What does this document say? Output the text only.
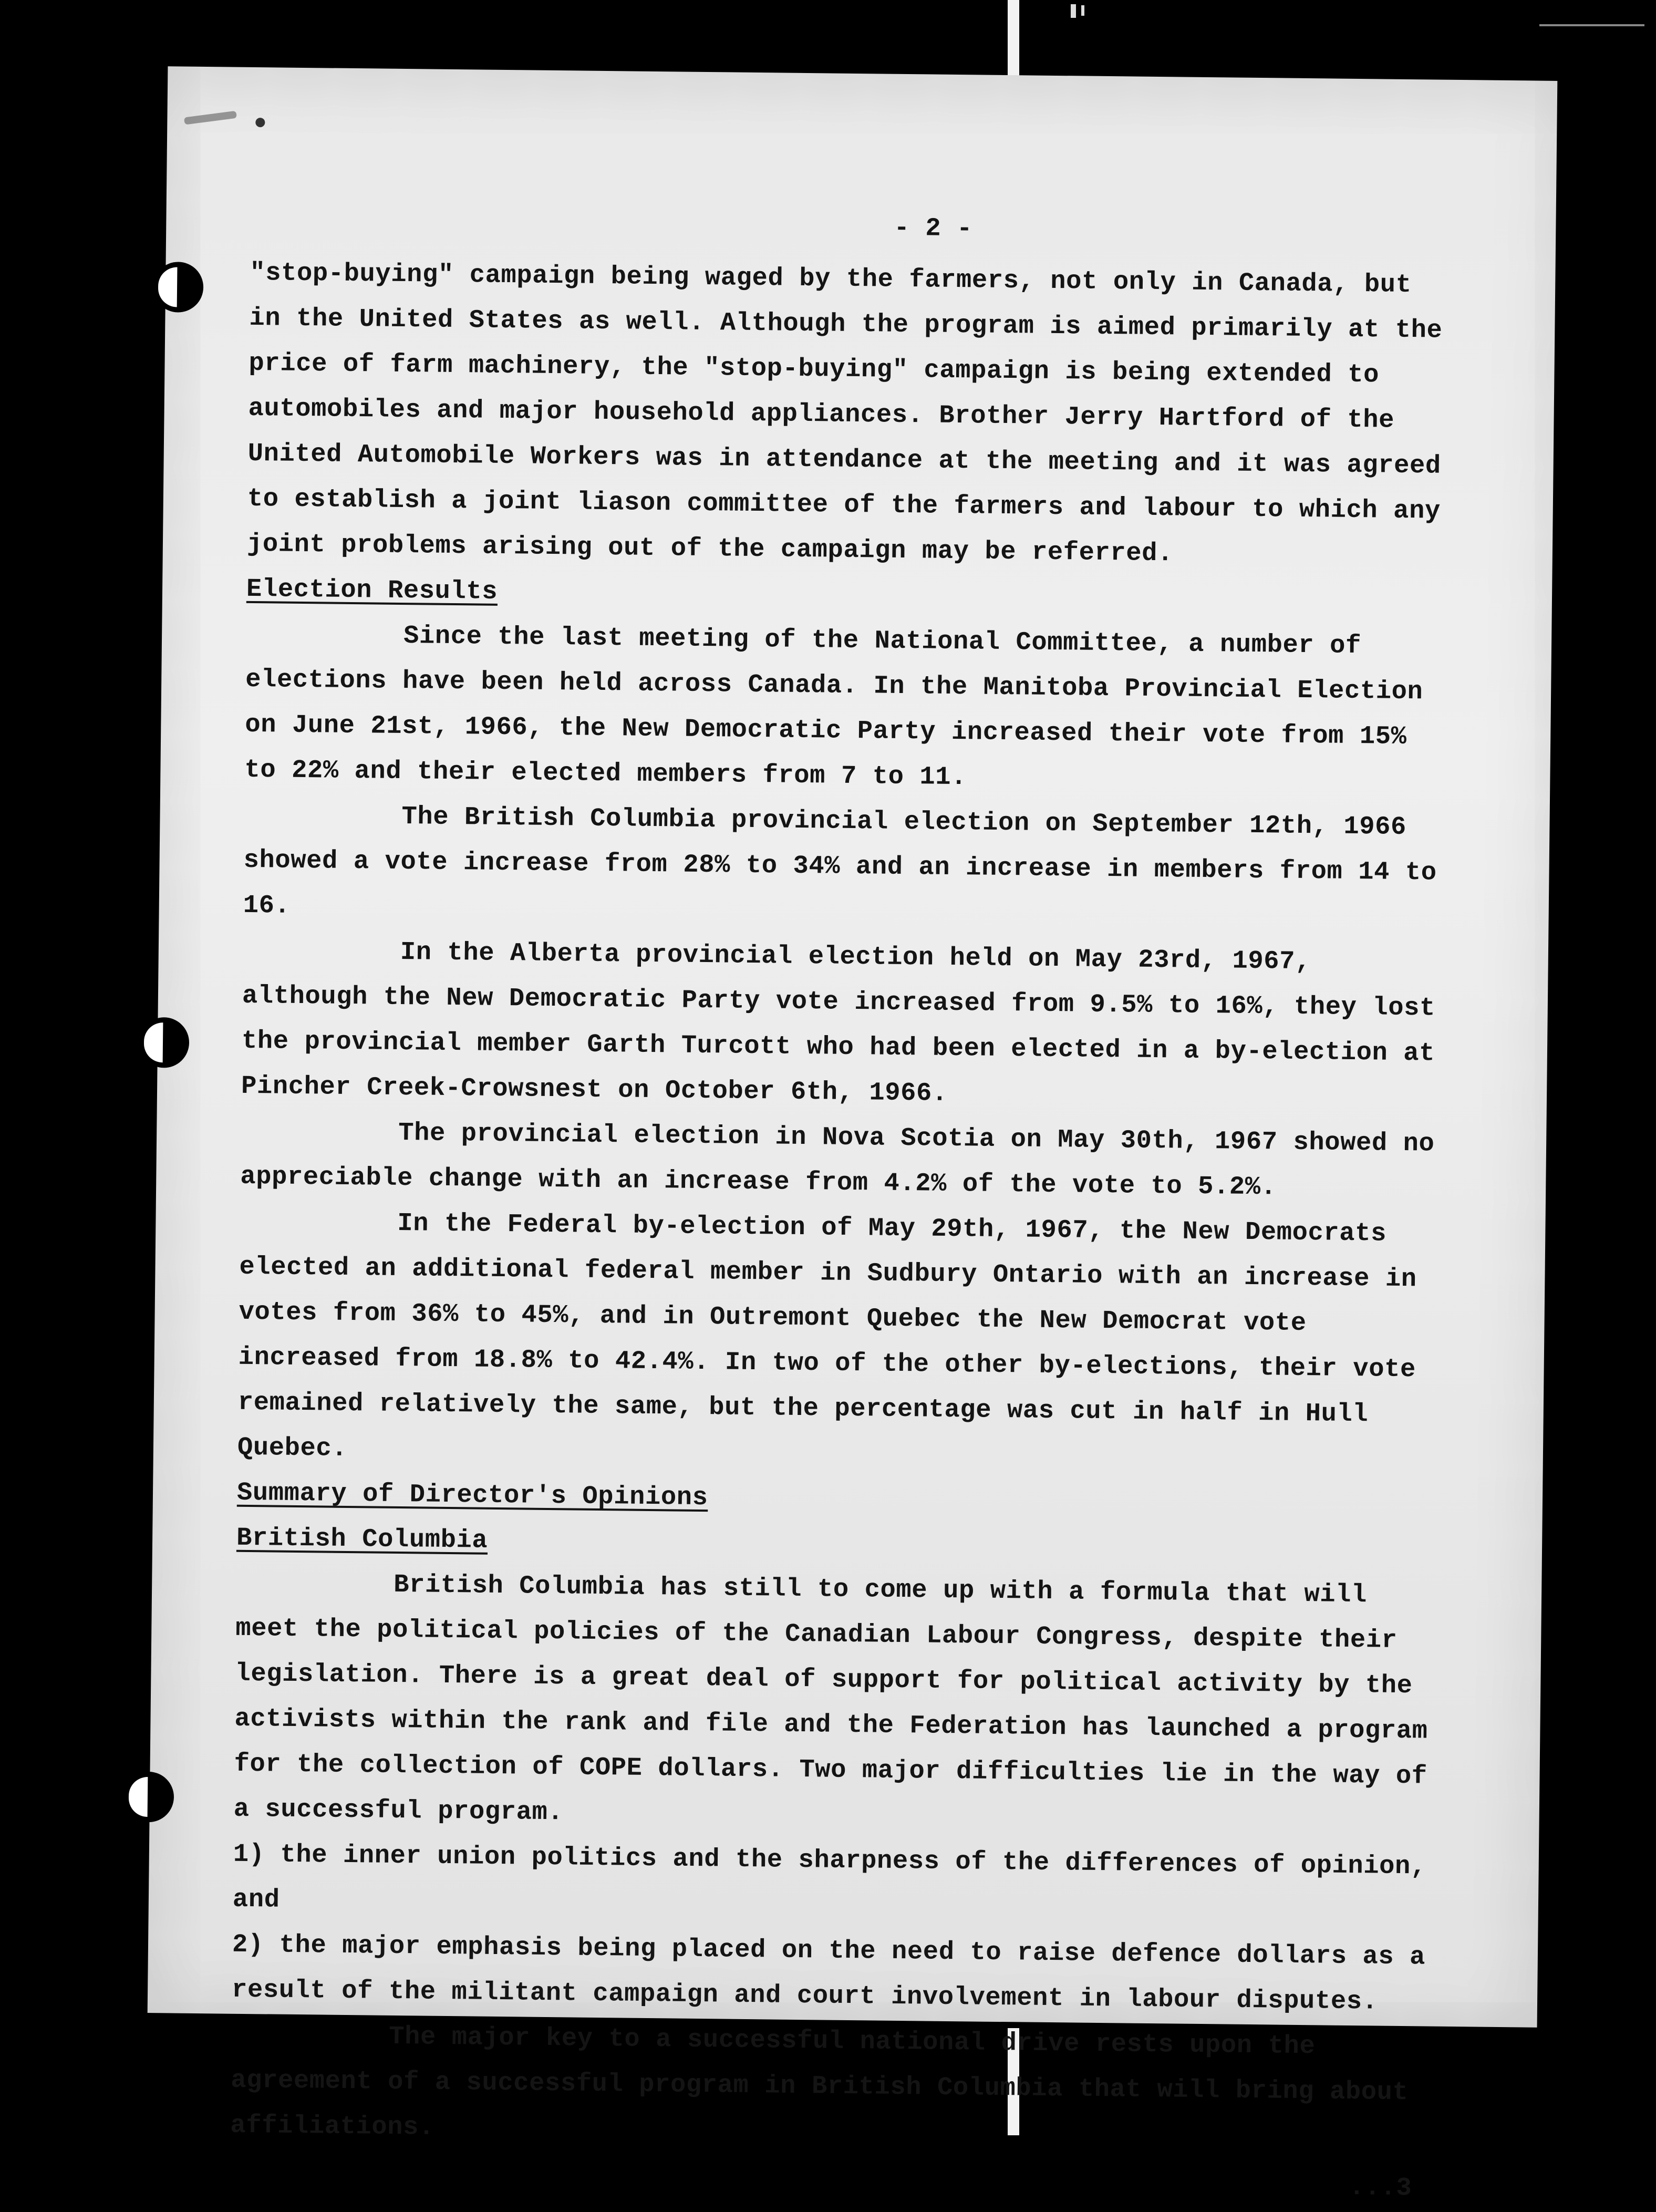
- 2 -

"stop-buying" campaign being waged by the farmers, not only in Canada, but in the United States as well. Although the program is aimed primarily at the price of farm machinery, the "stop-buying" campaign is being extended to automobiles and major household appliances. Brother Jerry Hartford of the United Automobile Workers was in attendance at the meeting and it was agreed to establish a joint liason committee of the farmers and labour to which any joint problems arising out of the campaign may be referred.

Election Results

Since the last meeting of the National Committee, a number of elections have been held across Canada. In the Manitoba Provincial Election on June 21st, 1966, the New Democratic Party increased their vote from 15% to 22% and their elected members from 7 to 11.

The British Columbia provincial election on September 12th, 1966 showed a vote increase from 28% to 34% and an increase in members from 14 to 16.

In the Alberta provincial election held on May 23rd, 1967, although the New Democratic Party vote increased from 9.5% to 16%, they lost the provincial member Garth Turcott who had been elected in a by-election at Pincher Creek-Crowsnest on October 6th, 1966.

The provincial election in Nova Scotia on May 30th, 1967 showed no appreciable change with an increase from 4.2% of the vote to 5.2%.

In the Federal by-election of May 29th, 1967, the New Democrats elected an additional federal member in Sudbury Ontario with an increase in votes from 36% to 45%, and in Outremont Quebec the New Democrat vote increased from 18.8% to 42.4%. In two of the other by-elections, their vote remained relatively the same, but the percentage was cut in half in Hull Quebec.

Summary of Director's Opinions
British Columbia

British Columbia has still to come up with a formula that will meet the political policies of the Canadian Labour Congress, despite their legislation. There is a great deal of support for political activity by the activists within the rank and file and the Federation has launched a program for the collection of COPE dollars. Two major difficulties lie in the way of a successful program.

1) the inner union politics and the sharpness of the differences of opinion, and

2) the major emphasis being placed on the need to raise defence dollars as a result of the militant campaign and court involvement in labour disputes.

The major key to a successful national drive rests upon the agreement of a successful program in British Columbia that will bring about affiliations.

...3
